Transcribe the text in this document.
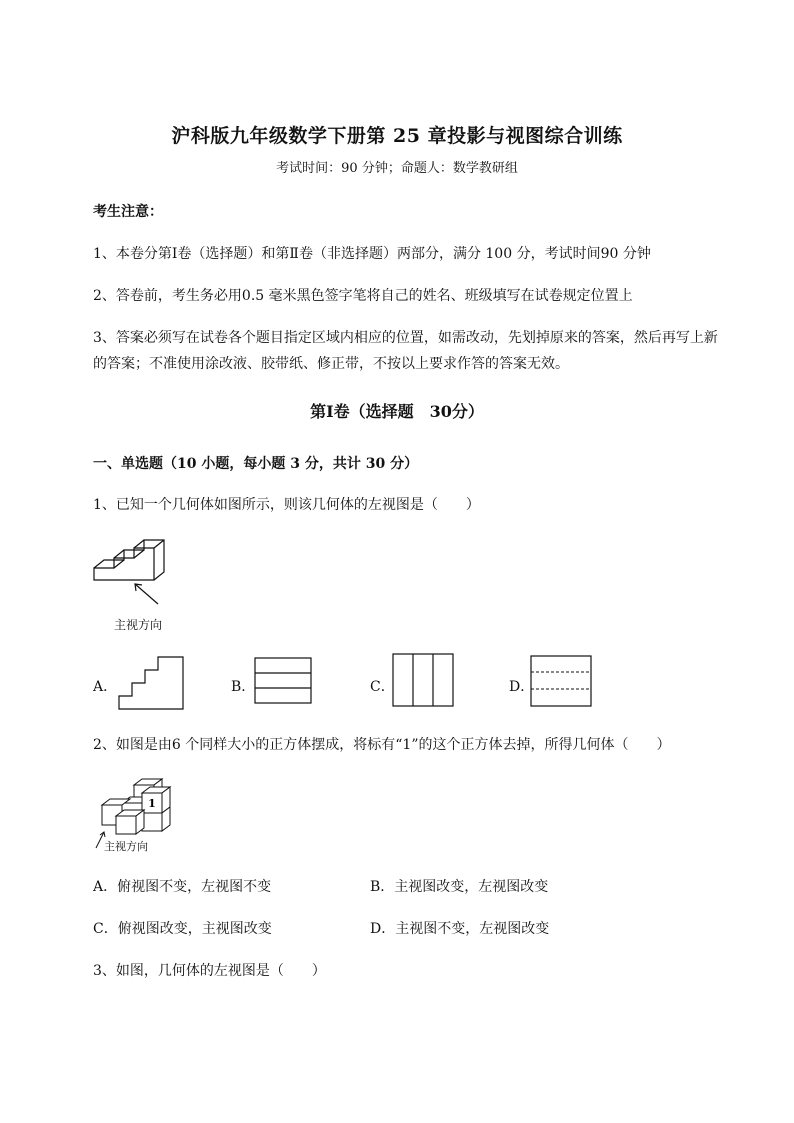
沪科版九年级数学下册第 25 章投影与视图综合训练
考试时间：90 分钟；命题人：数学教研组
考生注意：
1、本卷分第Ⅰ卷（选择题）和第Ⅱ卷（非选择题）两部分，满分 100 分，考试时间90 分钟
2、答卷前，考生务必用0.5 毫米黑色签字笔将自己的姓名、班级填写在试卷规定位置上
3、答案必须写在试卷各个题目指定区域内相应的位置，如需改动，先划掉原来的答案，然后再写上新
的答案；不准使用涂改液、胶带纸、修正带，不按以上要求作答的答案无效。
第Ⅰ卷（选择题　30分）
一、单选题（10 小题，每小题 3 分，共计 30 分）
1、已知一个几何体如图所示，则该几何体的左视图是（　　）
主视方向
A．	B．	C．	D．
2、如图是由6 个同样大小的正方体摆成，将标有“1”的这个正方体去掉，所得几何体（　　）
1
主视方向
A．俯视图不变，左视图不变	B．主视图改变，左视图改变
C．俯视图改变，主视图改变	D．主视图不变，左视图改变
3、如图，几何体的左视图是（　　）
